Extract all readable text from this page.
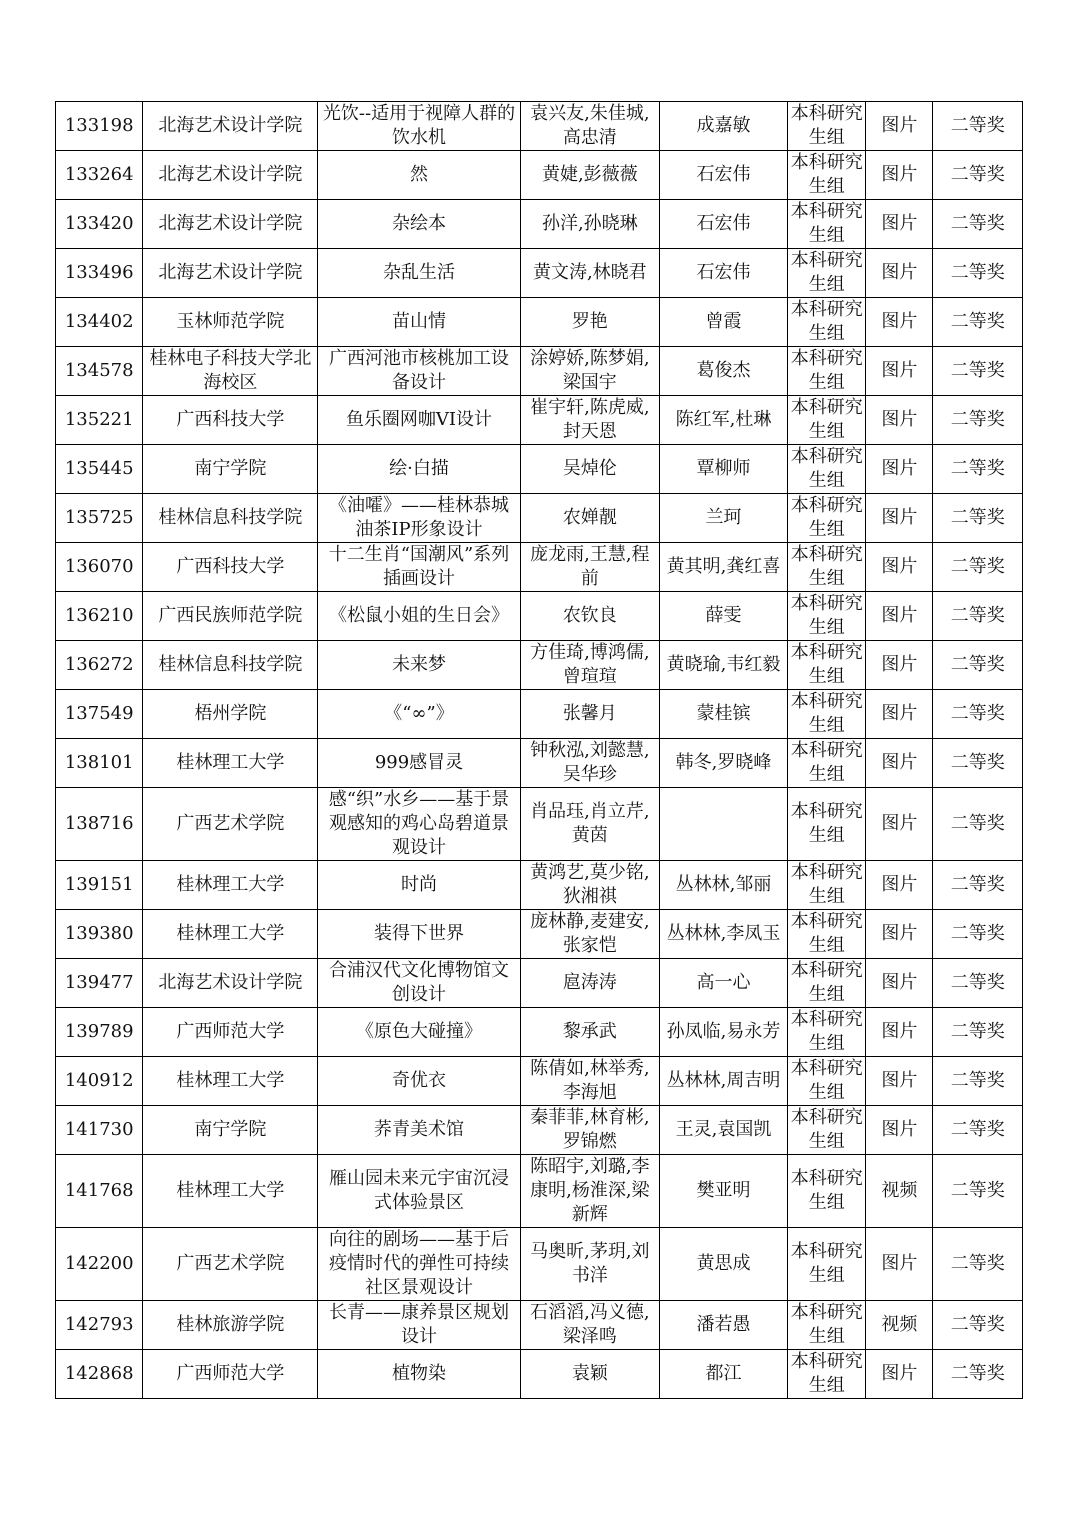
133198	北海艺术设计学院	光饮--适用于视障人群的饮水机	袁兴友,朱佳城,高忠清	成嘉敏	本科研究生组	图片	二等奖
133264	北海艺术设计学院	然	黄婕,彭薇薇	石宏伟	本科研究生组	图片	二等奖
133420	北海艺术设计学院	杂绘本	孙洋,孙晓琳	石宏伟	本科研究生组	图片	二等奖
133496	北海艺术设计学院	杂乱生活	黄文涛,林晓君	石宏伟	本科研究生组	图片	二等奖
134402	玉林师范学院	苗山情	罗艳	曾霞	本科研究生组	图片	二等奖
134578	桂林电子科技大学北海校区	广西河池市核桃加工设备设计	涂婷娇,陈梦娟,梁国宇	葛俊杰	本科研究生组	图片	二等奖
135221	广西科技大学	鱼乐圈网咖VI设计	崔宇轩,陈虎威,封天恩	陈红军,杜琳	本科研究生组	图片	二等奖
135445	南宁学院	绘·白描	吴焯伦	覃柳师	本科研究生组	图片	二等奖
135725	桂林信息科技学院	《油嚯》——桂林恭城油茶IP形象设计	农婵靓	兰珂	本科研究生组	图片	二等奖
136070	广西科技大学	十二生肖“国潮风”系列插画设计	庞龙雨,王慧,程前	黄其明,龚红喜	本科研究生组	图片	二等奖
136210	广西民族师范学院	《松鼠小姐的生日会》	农钦良	薛雯	本科研究生组	图片	二等奖
136272	桂林信息科技学院	未来梦	方佳琦,博鸿儒,曾瑄瑄	黄晓瑜,韦红毅	本科研究生组	图片	二等奖
137549	梧州学院	《“∞”》	张馨月	蒙桂镔	本科研究生组	图片	二等奖
138101	桂林理工大学	999感冒灵	钟秋泓,刘懿慧,吴华珍	韩冬,罗晓峰	本科研究生组	图片	二等奖
138716	广西艺术学院	感“织”水乡——基于景观感知的鸡心岛碧道景观设计	肖品珏,肖立芹,黄茵		本科研究生组	图片	二等奖
139151	桂林理工大学	时尚	黄鸿艺,莫少铭,狄湘祺	丛林林,邹丽	本科研究生组	图片	二等奖
139380	桂林理工大学	装得下世界	庞林静,麦建安,张家恺	丛林林,李凤玉	本科研究生组	图片	二等奖
139477	北海艺术设计学院	合浦汉代文化博物馆文创设计	扈涛涛	高一心	本科研究生组	图片	二等奖
139789	广西师范大学	《原色大碰撞》	黎承武	孙凤临,易永芳	本科研究生组	图片	二等奖
140912	桂林理工大学	奇优衣	陈倩如,林举秀,李海旭	丛林林,周吉明	本科研究生组	图片	二等奖
141730	南宁学院	荞青美术馆	秦菲菲,林育彬,罗锦燃	王灵,袁国凯	本科研究生组	图片	二等奖
141768	桂林理工大学	雁山园未来元宇宙沉浸式体验景区	陈昭宇,刘璐,李康明,杨淮深,梁新辉	樊亚明	本科研究生组	视频	二等奖
142200	广西艺术学院	向往的剧场——基于后疫情时代的弹性可持续社区景观设计	马奥昕,茅玥,刘书洋	黄思成	本科研究生组	图片	二等奖
142793	桂林旅游学院	长青——康养景区规划设计	石滔滔,冯义德,梁泽鸣	潘若愚	本科研究生组	视频	二等奖
142868	广西师范大学	植物染	袁颖	都江	本科研究生组	图片	二等奖
